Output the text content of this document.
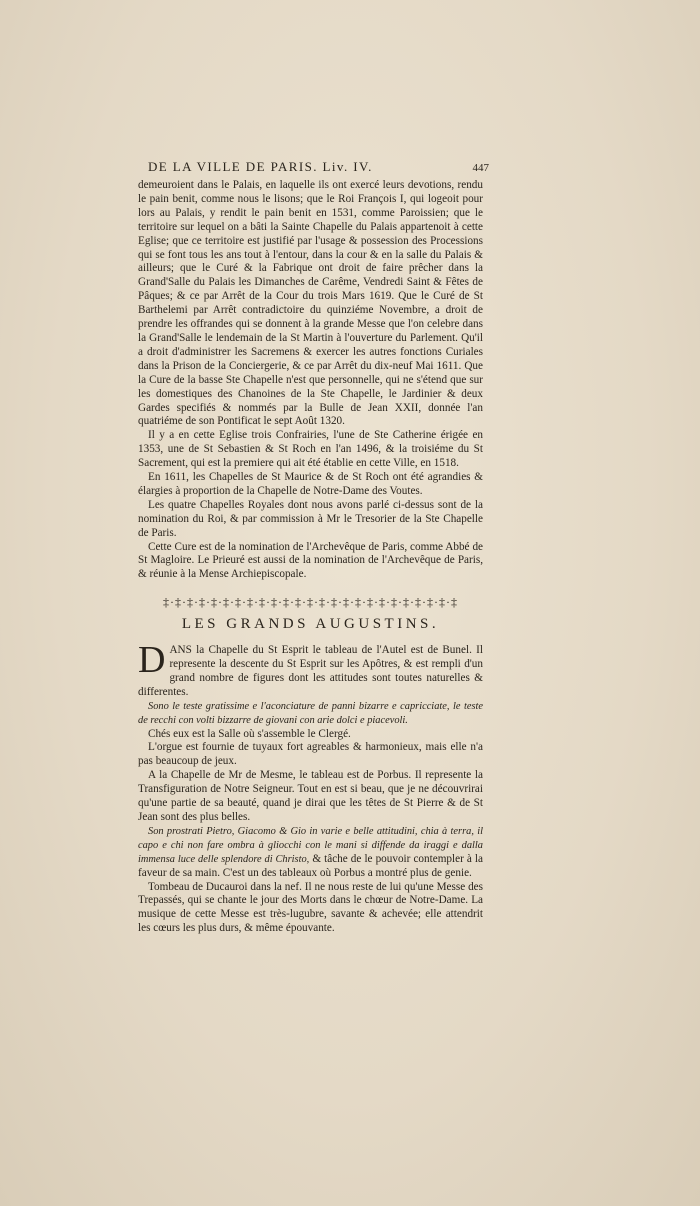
DE LA VILLE DE PARIS. Liv. IV.	447

demeuroient dans le Palais, en laquelle ils ont exercé leurs devotions, rendu le pain benit, comme nous le lisons; que le Roi François I, qui logeoit pour lors au Palais, y rendit le pain benit en 1531, comme Paroissien; que le territoire sur lequel on a bâti la Sainte Chapelle du Palais appartenoit à cette Eglise; que ce territoire est justifié par l'usage & possession des Processions qui se font tous les ans tout à l'entour, dans la cour & en la salle du Palais & ailleurs; que le Curé & la Fabrique ont droit de faire prêcher dans la Grand'Salle du Palais les Dimanches de Carême, Vendredi Saint & Fêtes de Pâques; & ce par Arrêt de la Cour du trois Mars 1619. Que le Curé de St Barthelemi par Arrêt contradictoire du quinziéme Novembre, a droit de prendre les offrandes qui se donnent à la grande Messe que l'on celebre dans la Grand'Salle le lendemain de la St Martin à l'ouverture du Parlement. Qu'il a droit d'administrer les Sacremens & exercer les autres fonctions Curiales dans la Prison de la Conciergerie, & ce par Arrêt du dix-neuf Mai 1611. Que la Cure de la basse Ste Chapelle n'est que personnelle, qui ne s'étend que sur les domestiques des Chanoines de la Ste Chapelle, le Jardinier & deux Gardes specifiés & nommés par la Bulle de Jean XXII, donnée l'an quatriéme de son Pontificat le sept Août 1320.

Il y a en cette Eglise trois Confrairies, l'une de Ste Catherine érigée en 1353, une de St Sebastien & St Roch en l'an 1496, & la troisiéme du St Sacrement, qui est la premiere qui ait été établie en cette Ville, en 1518.

En 1611, les Chapelles de St Maurice & de St Roch ont été agrandies & élargies à proportion de la Chapelle de Notre-Dame des Voutes.

Les quatre Chapelles Royales dont nous avons parlé ci-dessus sont de la nomination du Roi, & par commission à Mr le Tresorier de la Ste Chapelle de Paris.

Cette Cure est de la nomination de l'Archevêque de Paris, comme Abbé de St Magloire. Le Prieuré est aussi de la nomination de l'Archevêque de Paris, & réunie à la Mense Archiepiscopale.

‡·‡·‡·‡·‡·‡·‡·‡·‡·‡·‡·‡·‡·‡·‡·‡·‡·‡·‡·‡·‡·‡·‡·‡·‡
LES GRANDS AUGUSTINS.

DANS la Chapelle du St Esprit le tableau de l'Autel est de Bunel. Il represente la descente du St Esprit sur les Apôtres, & est rempli d'un grand nombre de figures dont les attitudes sont toutes naturelles & differentes.

Sono le teste gratissime e l'aconciature de panni bizarre e capricciate, le teste de recchi con volti bizzarre de giovani con arie dolci e piacevoli.

Chés eux est la Salle où s'assemble le Clergé.

L'orgue est fournie de tuyaux fort agreables & harmonieux, mais elle n'a pas beaucoup de jeux.

A la Chapelle de Mr de Mesme, le tableau est de Porbus. Il represente la Transfiguration de Notre Seigneur. Tout en est si beau, que je ne découvrirai qu'une partie de sa beauté, quand je dirai que les têtes de St Pierre & de St Jean sont des plus belles.

Son prostrati Pietro, Giacomo & Gio in varie e belle attitudini, chia à terra, il capo e chi non fare ombra à gliocchi con le mani si diffende da iraggi e dalla immensa luce delle splendore di Christo, & tâche de le pouvoir contempler à la faveur de sa main. C'est un des tableaux où Porbus a montré plus de genie.

Tombeau de Ducauroi dans la nef. Il ne nous reste de lui qu'une Messe des Trepassés, qui se chante le jour des Morts dans le chœur de Notre-Dame. La musique de cette Messe est très-lugubre, savante & achevée; elle attendrit les cœurs les plus durs, & même épouvante.
